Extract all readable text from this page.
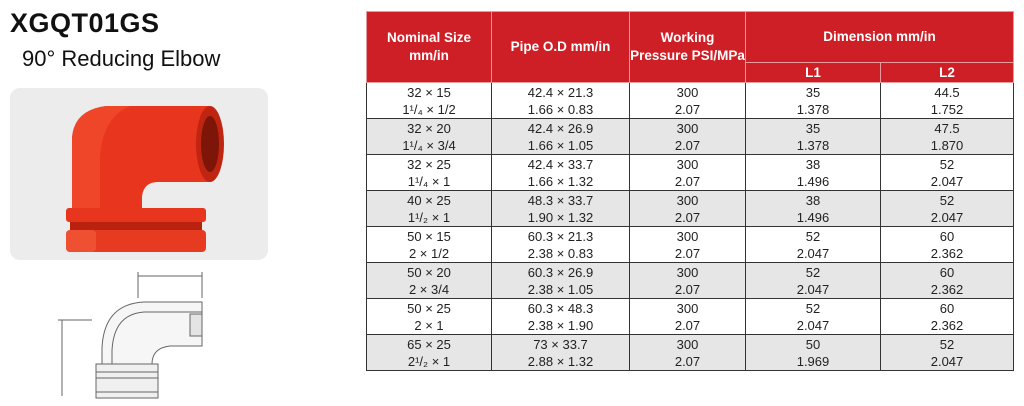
XGQT01GS
90° Reducing Elbow
Nominal Size mm/in	Pipe O.D mm/in	Working Pressure PSI/MPa	Dimension mm/in	
			L1	L2
32 × 15	42.4 × 21.3	300	35	44.5
1¹/₄ × 1/2	1.66 × 0.83	2.07	1.378	1.752
32 × 20	42.4 × 26.9	300	35	47.5
1¹/₄ × 3/4	1.66 × 1.05	2.07	1.378	1.870
32 × 25	42.4 × 33.7	300	38	52
1¹/₄ × 1	1.66 × 1.32	2.07	1.496	2.047
40 × 25	48.3 × 33.7	300	38	52
1¹/₂ × 1	1.90 × 1.32	2.07	1.496	2.047
50 × 15	60.3 × 21.3	300	52	60
2 × 1/2	2.38 × 0.83	2.07	2.047	2.362
50 × 20	60.3 × 26.9	300	52	60
2 × 3/4	2.38 × 1.05	2.07	2.047	2.362
50 × 25	60.3 × 48.3	300	52	60
2 × 1	2.38 × 1.90	2.07	2.047	2.362
65 × 25	73 × 33.7	300	50	52
2¹/₂ × 1	2.88 × 1.32	2.07	1.969	2.047
